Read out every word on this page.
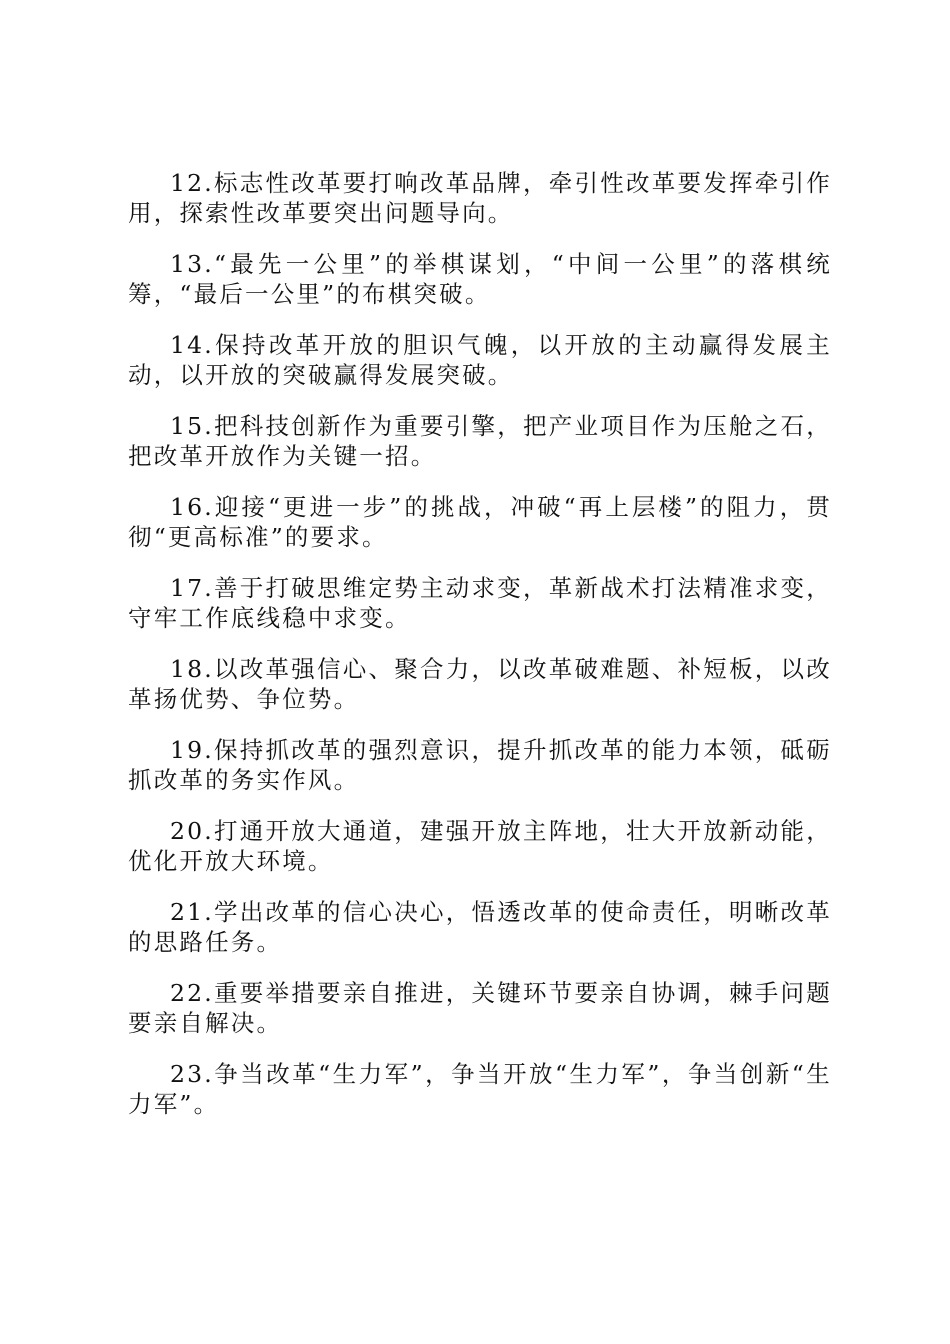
12.标志性改革要打响改革品牌，牵引性改革要发挥牵引作用，探索性改革要突出问题导向。

13.“最先一公里”的举棋谋划，“中间一公里”的落棋统筹，“最后一公里”的布棋突破。

14.保持改革开放的胆识气魄，以开放的主动赢得发展主动，以开放的突破赢得发展突破。

15.把科技创新作为重要引擎，把产业项目作为压舱之石，把改革开放作为关键一招。

16.迎接“更进一步”的挑战，冲破“再上层楼”的阻力，贯彻“更高标准”的要求。

17.善于打破思维定势主动求变，革新战术打法精准求变，守牢工作底线稳中求变。

18.以改革强信心、聚合力，以改革破难题、补短板，以改革扬优势、争位势。

19.保持抓改革的强烈意识，提升抓改革的能力本领，砥砺抓改革的务实作风。

20.打通开放大通道，建强开放主阵地，壮大开放新动能，优化开放大环境。

21.学出改革的信心决心，悟透改革的使命责任，明晰改革的思路任务。

22.重要举措要亲自推进，关键环节要亲自协调，棘手问题要亲自解决。

23.争当改革“生力军”，争当开放“生力军”，争当创新“生力军”。
